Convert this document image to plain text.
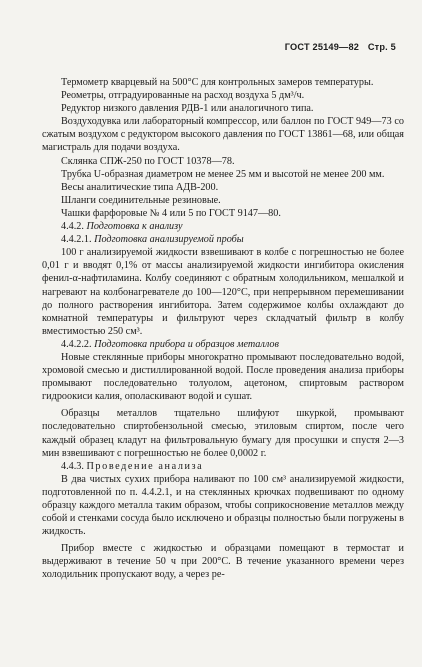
ГОСТ 25149—82 Стр. 5

Термометр кварцевый на 500°С для контрольных замеров температуры.

Реометры, отградуированные на расход воздуха 5 дм³/ч.

Редуктор низкого давления РДВ-1 или аналогичного типа.

Воздуходувка или лабораторный компрессор, или баллон по ГОСТ 949—73 со сжатым воздухом с редуктором высокого давления по ГОСТ 13861—68, или общая магистраль для подачи воздуха.

Склянка СПЖ-250 по ГОСТ 10378—78.

Трубка U-образная диаметром не менее 25 мм и высотой не менее 200 мм.

Весы аналитические типа АДВ-200.

Шланги соединительные резиновые.

Чашки фарфоровые № 4 или 5 по ГОСТ 9147—80.

4.4.2. Подготовка к анализу

4.4.2.1. Подготовка анализируемой пробы

100 г анализируемой жидкости взвешивают в колбе с погрешностью не более 0,01 г и вводят 0,1% от массы анализируемой жидкости ингибитора окисления фенил-α-нафтиламина. Колбу соединяют с обратным холодильником, мешалкой и нагревают на колбонагревателе до 100—120°С, при непрерывном перемешивании до полного растворения ингибитора. Затем содержимое колбы охлаждают до комнатной температуры и фильтруют через складчатый фильтр в колбу вместимостью 250 см³.

4.4.2.2. Подготовка прибора и образцов металлов

Новые стеклянные приборы многократно промывают последовательно водой, хромовой смесью и дистиллированной водой. После проведения анализа приборы промывают последовательно толуолом, ацетоном, спиртовым раствором гидроокиси калия, ополаскивают водой и сушат.

Образцы металлов тщательно шлифуют шкуркой, промывают последовательно спиртобензольной смесью, этиловым спиртом, после чего каждый образец кладут на фильтровальную бумагу для просушки и спустя 2—3 мин взвешивают с погрешностью не более 0,0002 г.

4.4.3. Проведение анализа

В два чистых сухих прибора наливают по 100 см³ анализируемой жидкости, подготовленной по п. 4.4.2.1, и на стеклянных крючках подвешивают по одному образцу каждого металла таким образом, чтобы соприкосновение металлов между собой и стенками сосуда было исключено и образцы полностью были погружены в жидкость.

Прибор вместе с жидкостью и образцами помещают в термостат и выдерживают в течение 50 ч при 200°С. В течение указанного времени через холодильник пропускают воду, а через ре-
